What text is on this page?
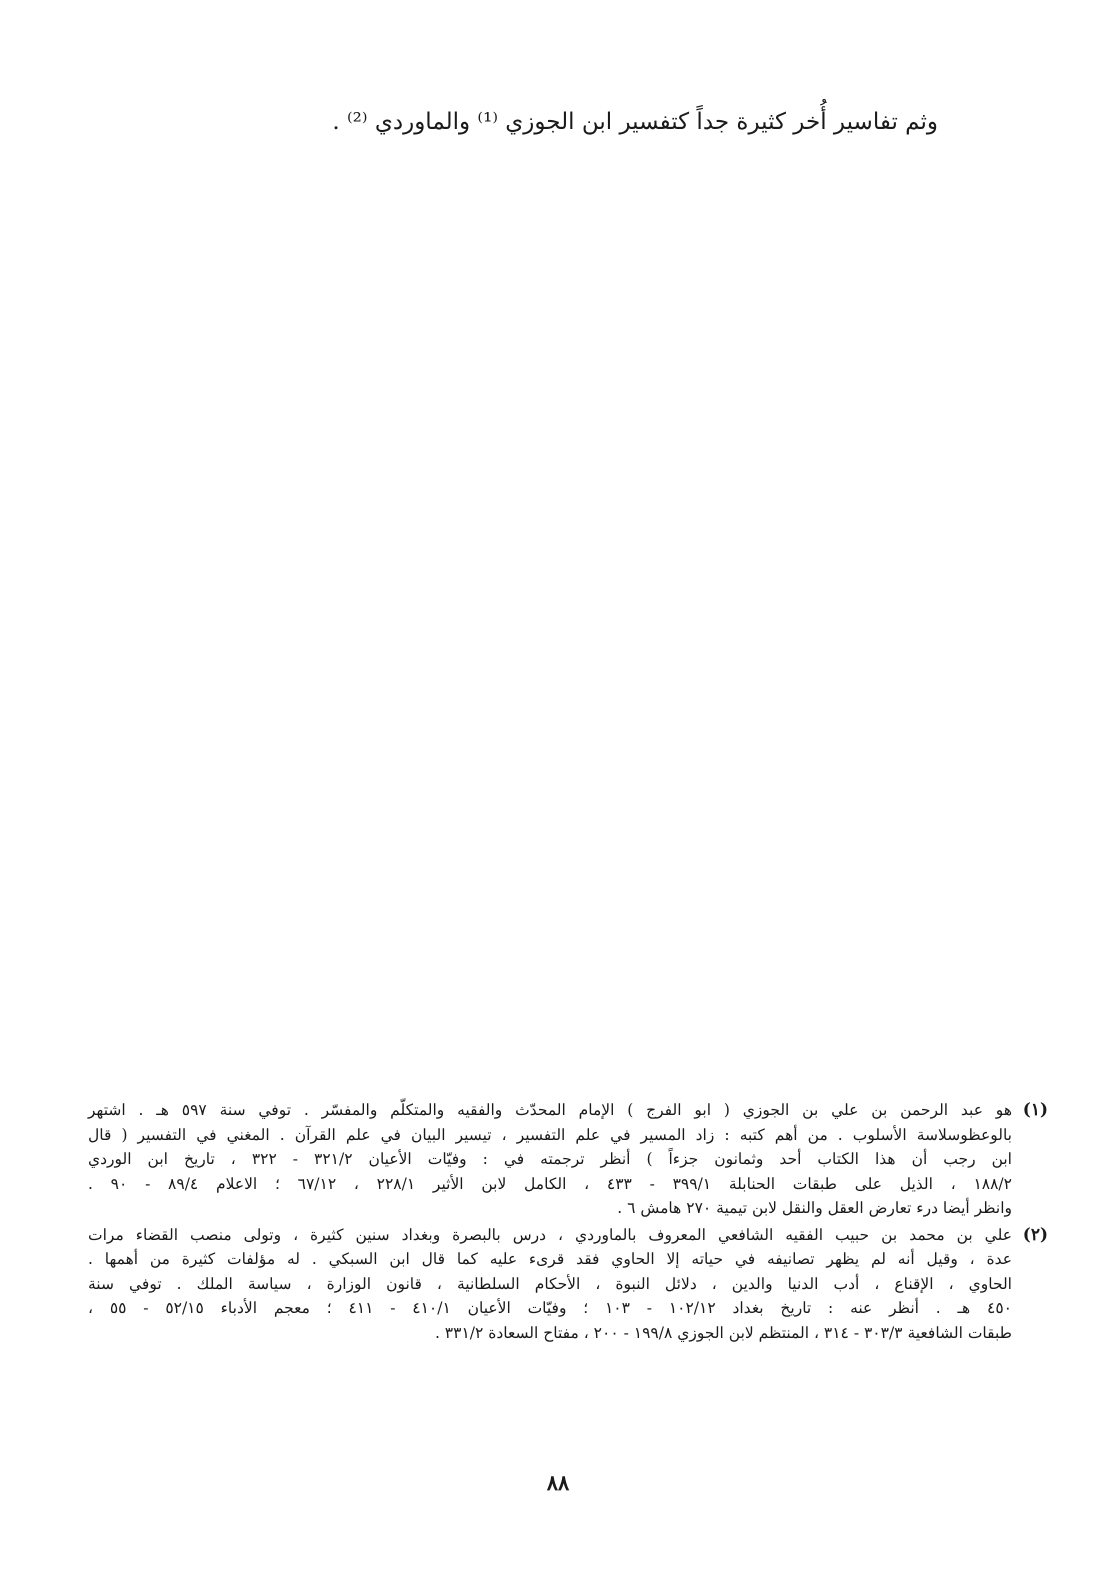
وثم تفاسير أُخر كثيرة جداً كتفسير ابن الجوزي ⁽¹⁾ والماوردي ⁽²⁾ .

(١)
هو عبد الرحمن بن علي بن الجوزي ( ابو الفرج ) الإمام المحدّث والفقيه والمتكلّم والمفسّر . توفي سنة ٥٩٧ هـ . اشتهر
بالوعظوسلاسة الأسلوب . من أهم كتبه : زاد المسير في علم التفسير ، تيسير البيان في علم القرآن . المغني في التفسير ( قال
ابن رجب أن هذا الكتاب أحد وثمانون جزءاً ) أنظر ترجمته في : وفيّات الأعيان ٣٢١/٢ - ٣٢٢ ، تاريخ ابن الوردي
١٨٨/٢ ، الذيل على طبقات الحنابلة ٣٩٩/١ - ٤٣٣ ، الكامل لابن الأثير ٢٢٨/١ ، ٦٧/١٢ ؛ الاعلام ٨٩/٤ - ٩٠ .
وانظر أيضا درء تعارض العقل والنقل لابن تيمية ٢٧٠ هامش ٦ .
(٢)
علي بن محمد بن حبيب الفقيه الشافعي المعروف بالماوردي ، درس بالبصرة وبغداد سنين كثيرة ، وتولى منصب القضاء مرات
عدة ، وقيل أنه لم يظهر تصانيفه في حياته إلا الحاوي فقد قرىء عليه كما قال ابن السبكي . له مؤلفات كثيرة من أهمها .
الحاوي ، الإقناع ، أدب الدنيا والدين ، دلائل النبوة ، الأحكام السلطانية ، قانون الوزارة ، سياسة الملك . توفي سنة
٤٥٠ هـ . أنظر عنه : تاريخ بغداد ١٠٢/١٢ - ١٠٣ ؛ وفيّات الأعيان ٤١٠/١ - ٤١١ ؛ معجم الأدباء ٥٢/١٥ - ٥٥ ،
طبقات الشافعية ٣٠٣/٣ - ٣١٤ ، المنتظم لابن الجوزي ١٩٩/٨ - ٢٠٠ ، مفتاح السعادة ٣٣١/٢ .
٨٨
